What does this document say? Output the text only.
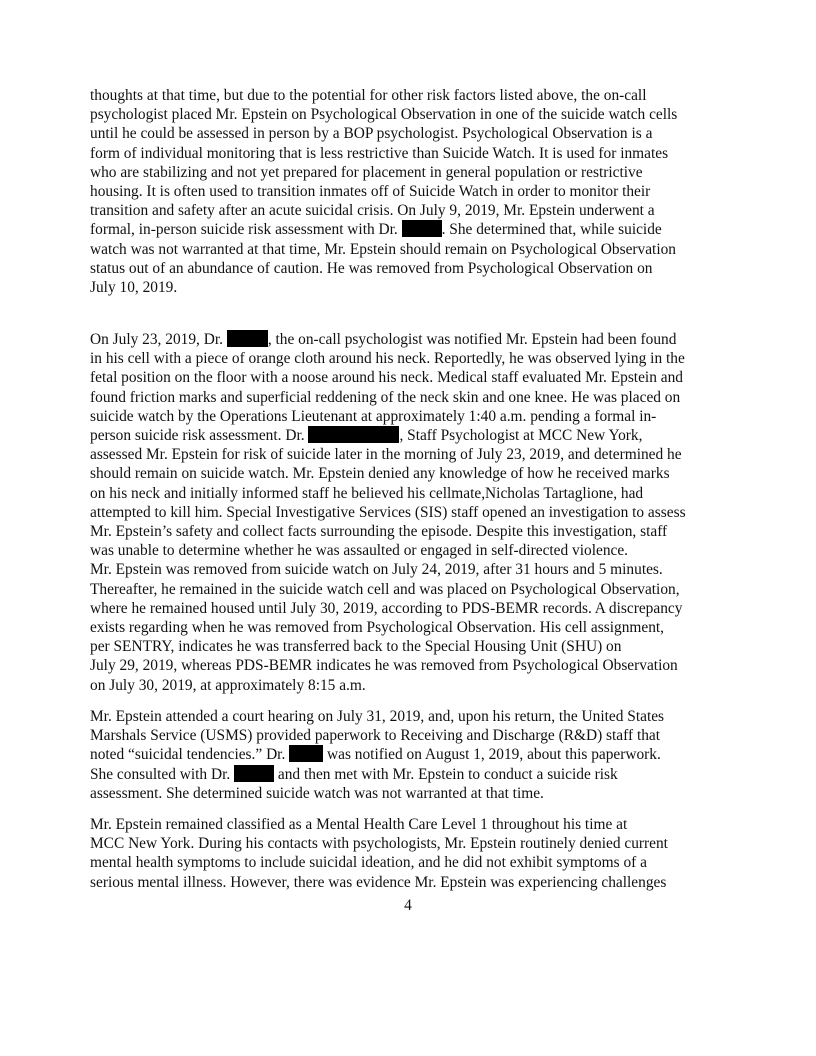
thoughts at that time, but due to the potential for other risk factors listed above, the on-call
psychologist placed Mr. Epstein on Psychological Observation in one of the suicide watch cells
until he could be assessed in person by a BOP psychologist. Psychological Observation is a
form of individual monitoring that is less restrictive than Suicide Watch. It is used for inmates
who are stabilizing and not yet prepared for placement in general population or restrictive
housing. It is often used to transition inmates off of Suicide Watch in order to monitor their
transition and safety after an acute suicidal crisis. On July 9, 2019, Mr. Epstein underwent a
formal, in-person suicide risk assessment with Dr.	. She determined that, while suicide
watch was not warranted at that time, Mr. Epstein should remain on Psychological Observation
status out of an abundance of caution. He was removed from Psychological Observation on
July 10, 2019.
On July 23, 2019, Dr.	, the on-call psychologist was notified Mr. Epstein had been found
in his cell with a piece of orange cloth around his neck. Reportedly, he was observed lying in the
fetal position on the floor with a noose around his neck. Medical staff evaluated Mr. Epstein and
found friction marks and superficial reddening of the neck skin and one knee. He was placed on
suicide watch by the Operations Lieutenant at approximately 1:40 a.m. pending a formal in-
person suicide risk assessment. Dr.	, Staff Psychologist at MCC New York,
assessed Mr. Epstein for risk of suicide later in the morning of July 23, 2019, and determined he
should remain on suicide watch. Mr. Epstein denied any knowledge of how he received marks
on his neck and initially informed staff he believed his cellmate,Nicholas Tartaglione, had
attempted to kill him. Special Investigative Services (SIS) staff opened an investigation to assess
Mr. Epstein’s safety and collect facts surrounding the episode. Despite this investigation, staff
was unable to determine whether he was assaulted or engaged in self-directed violence.
Mr. Epstein was removed from suicide watch on July 24, 2019, after 31 hours and 5 minutes.
Thereafter, he remained in the suicide watch cell and was placed on Psychological Observation,
where he remained housed until July 30, 2019, according to PDS-BEMR records. A discrepancy
exists regarding when he was removed from Psychological Observation. His cell assignment,
per SENTRY, indicates he was transferred back to the Special Housing Unit (SHU) on
July 29, 2019, whereas PDS-BEMR indicates he was removed from Psychological Observation
on July 30, 2019, at approximately 8:15 a.m.
Mr. Epstein attended a court hearing on July 31, 2019, and, upon his return, the United States
Marshals Service (USMS) provided paperwork to Receiving and Discharge (R&D) staff that
noted “suicidal tendencies.” Dr.  was notified on August 1, 2019, about this paperwork.
She consulted with Dr.	and then met with Mr. Epstein to conduct a suicide risk
assessment. She determined suicide watch was not warranted at that time.
Mr. Epstein remained classified as a Mental Health Care Level 1 throughout his time at
MCC New York. During his contacts with psychologists, Mr. Epstein routinely denied current
mental health symptoms to include suicidal ideation, and he did not exhibit symptoms of a
serious mental illness. However, there was evidence Mr. Epstein was experiencing challenges
4
